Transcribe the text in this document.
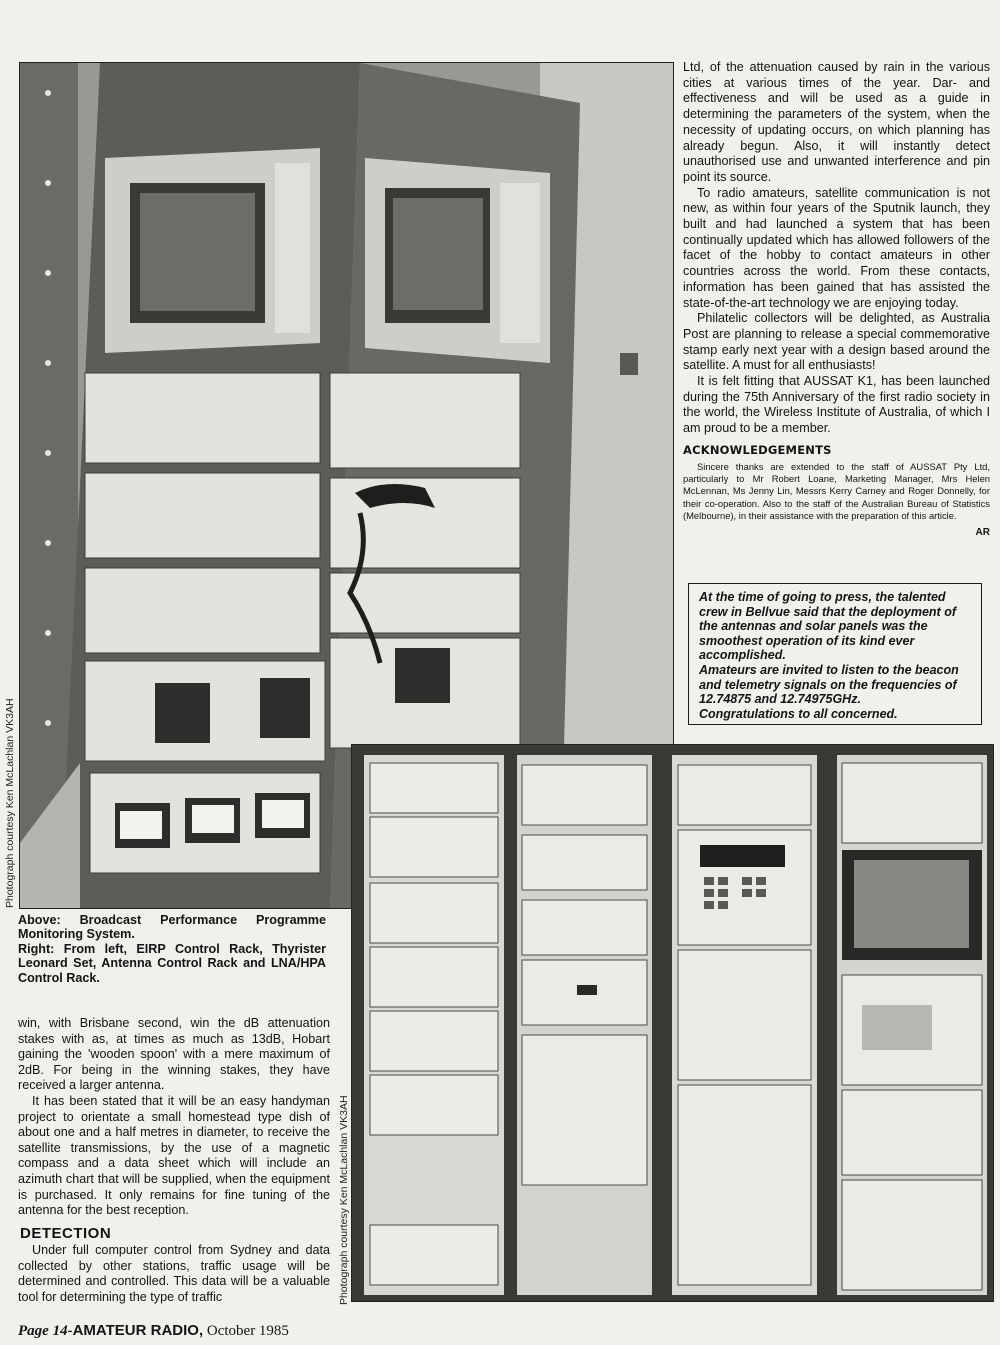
Photograph courtesy Ken McLachlan VK3AH

Ltd, of the attenuation caused by rain in the various cities at various times of the year. Dar- and effectiveness and will be used as a guide in determining the parameters of the system, when the necessity of updating occurs, on which planning has already begun. Also, it will instantly detect unauthorised use and unwanted interference and pin point its source.

To radio amateurs, satellite communication is not new, as within four years of the Sputnik launch, they built and had launched a system that has been continually updated which has allowed followers of the facet of the hobby to contact amateurs in other countries across the world. From these contacts, information has been gained that has assisted the state-of-the-art technology we are enjoying today.

Philatelic collectors will be delighted, as Australia Post are planning to release a special commemorative stamp early next year with a design based around the satellite. A must for all enthusiasts!

It is felt fitting that AUSSAT K1, has been launched during the 75th Anniversary of the first radio society in the world, the Wireless Institute of Australia, of which I am proud to be a member.

ACKNOWLEDGEMENTS
Sincere thanks are extended to the staff of AUSSAT Pty Ltd, particularly to Mr Robert Loane, Marketing Manager, Mrs Helen McLennan, Ms Jenny Lin, Messrs Kerry Carney and Roger Donnelly, for their co-operation. Also to the staff of the Australian Bureau of Statistics (Melbourne), in their assistance with the preparation of this article.
AR

At the time of going to press, the talented crew in Bellvue said that the deployment of the antennas and solar panels was the smoothest operation of its kind ever accomplished.

Amateurs are invited to listen to the beacon and telemetry signals on the frequencies of 12.74875 and 12.74975GHz.

Congratulations to all concerned.

Photograph courtesy Ken McLachlan VK3AH

Above: Broadcast Performance Programme Monitoring System.

Right: From left, EIRP Control Rack, Thyrister Leonard Set, Antenna Control Rack and LNA/HPA Control Rack.

win, with Brisbane second, win the dB attenuation stakes with as, at times as much as 13dB, Hobart gaining the 'wooden spoon' with a mere maximum of 2dB. For being in the winning stakes, they have received a larger antenna.

It has been stated that it will be an easy handyman project to orientate a small homestead type dish of about one and a half metres in diameter, to receive the satellite transmissions, by the use of a magnetic compass and a data sheet which will include an azimuth chart that will be supplied, when the equipment is purchased. It only remains for fine tuning of the antenna for the best reception.

DETECTION

Under full computer control from Sydney and data collected by other stations, traffic usage will be determined and controlled. This data will be a valuable tool for determining the type of traffic

Page 14-AMATEUR RADIO, October 1985
